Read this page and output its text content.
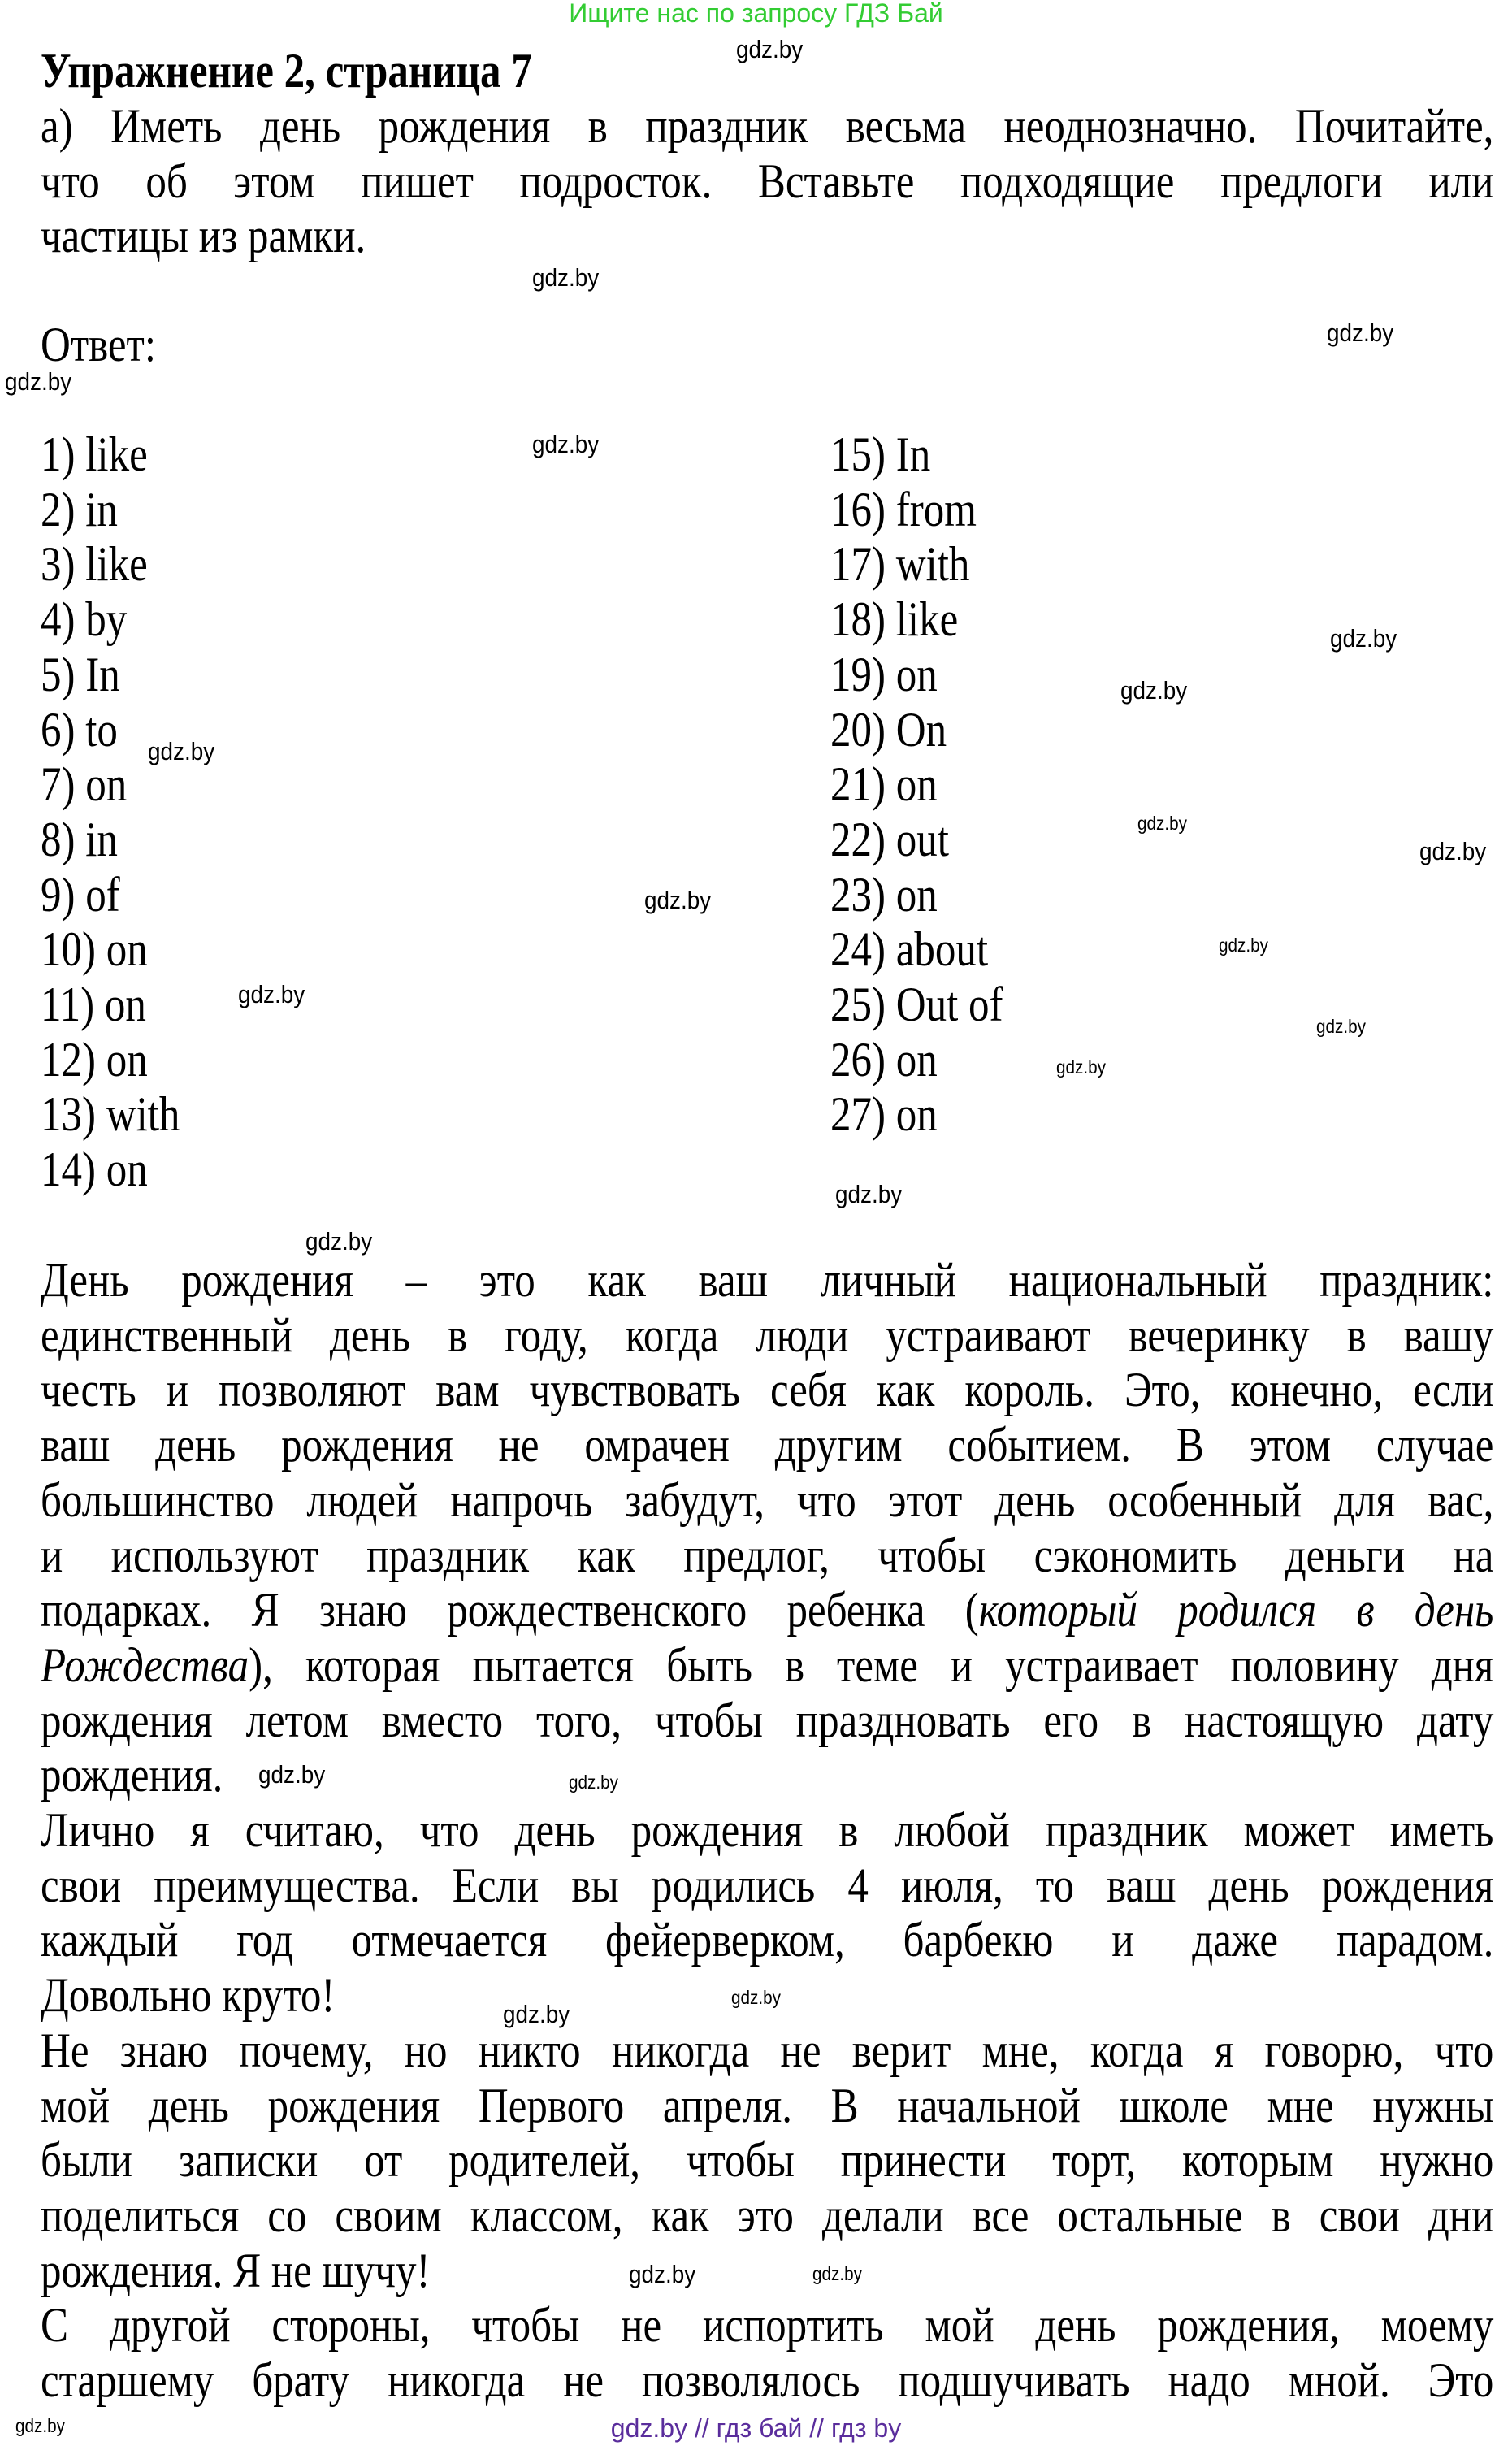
Ищите нас по запросу ГДЗ Бай
Упражнение 2, страница 7
а) Иметь день рождения в праздник весьма неоднозначно. Почитайте,
что об этом пишет подросток. Вставьте подходящие предлоги или
частицы из рамки.
Ответ:
1) like
2) in
3) like
4) by
5) In
6) to
7) on
8) in
9) of
10) on
11) on
12) on
13) with
14) on
15) In
16) from
17) with
18) like
19) on
20) On
21) on
22) out
23) on
24) about
25) Out of
26) on
27) on
День рождения – это как ваш личный национальный праздник:
единственный день в году, когда люди устраивают вечеринку в вашу
честь и позволяют вам чувствовать себя как король. Это, конечно, если
ваш день рождения не омрачен другим событием. В этом случае
большинство людей напрочь забудут, что этот день особенный для вас,
и используют праздник как предлог, чтобы сэкономить деньги на
подарках. Я знаю рождественского ребенка (который родился в день
Рождества), которая пытается быть в теме и устраивает половину дня
рождения летом вместо того, чтобы праздновать его в настоящую дату
рождения.
Лично я считаю, что день рождения в любой праздник может иметь
свои преимущества. Если вы родились 4 июля, то ваш день рождения
каждый год отмечается фейерверком, барбекю и даже парадом.
Довольно круто!
Не знаю почему, но никто никогда не верит мне, когда я говорю, что
мой день рождения Первого апреля. В начальной школе мне нужны
были записки от родителей, чтобы принести торт, которым нужно
поделиться со своим классом, как это делали все остальные в свои дни
рождения. Я не шучу!
С другой стороны, чтобы не испортить мой день рождения, моему
старшему брату никогда не позволялось подшучивать надо мной. Это
gdz.by
gdz.by
gdz.by
gdz.by
gdz.by
gdz.by
gdz.by
gdz.by
gdz.by
gdz.by
gdz.by
gdz.by
gdz.by
gdz.by
gdz.by
gdz.by
gdz.by
gdz.by
gdz.by
gdz.by
gdz.by
gdz.by
gdz.by
gdz.by	gdz.by // гдз бай // гдз by
